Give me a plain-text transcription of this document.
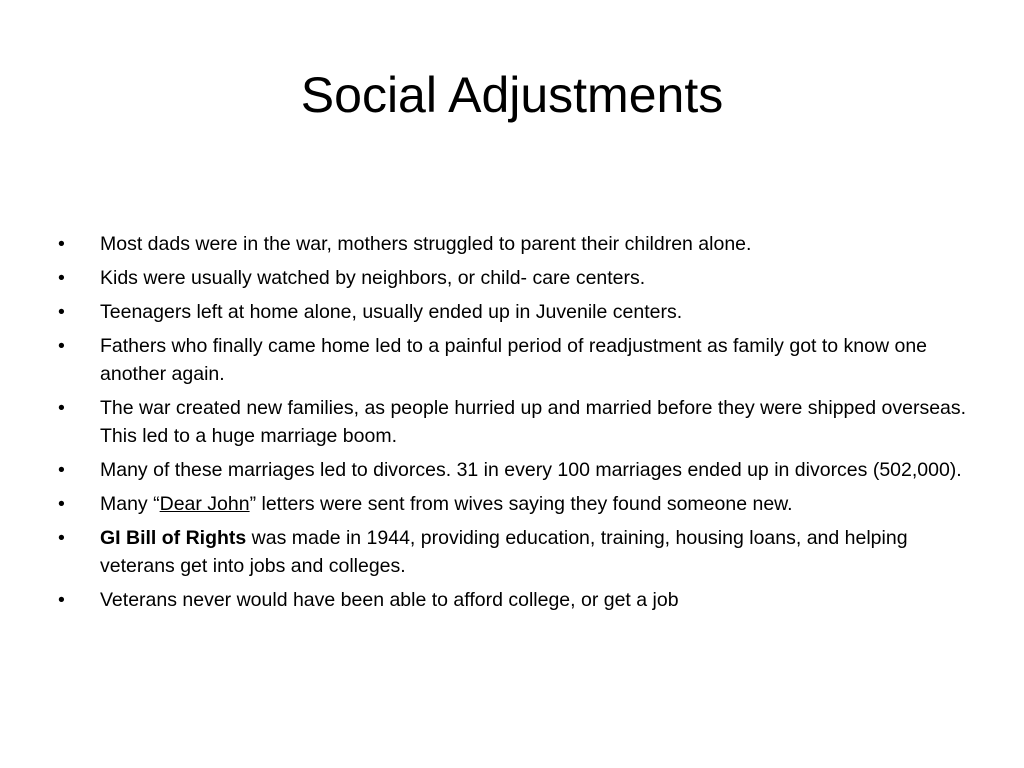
Social Adjustments
• Most dads were in the war, mothers struggled to parent their children alone.
• Kids were usually watched by neighbors, or child- care centers.
• Teenagers left at home alone, usually ended up in Juvenile centers.
• Fathers who finally came home led to a painful period of readjustment as family got to know one another again.
• The war created new families, as people hurried up and married before they were shipped overseas. This led to a huge marriage boom.
• Many of these marriages led to divorces. 31 in every 100 marriages ended up in divorces (502,000).
• Many “Dear John” letters were sent from wives saying they found someone new.
• GI Bill of Rights was made in 1944, providing education, training, housing loans, and helping veterans get into jobs and colleges.
• Veterans never would have been able to afford college, or get a job
